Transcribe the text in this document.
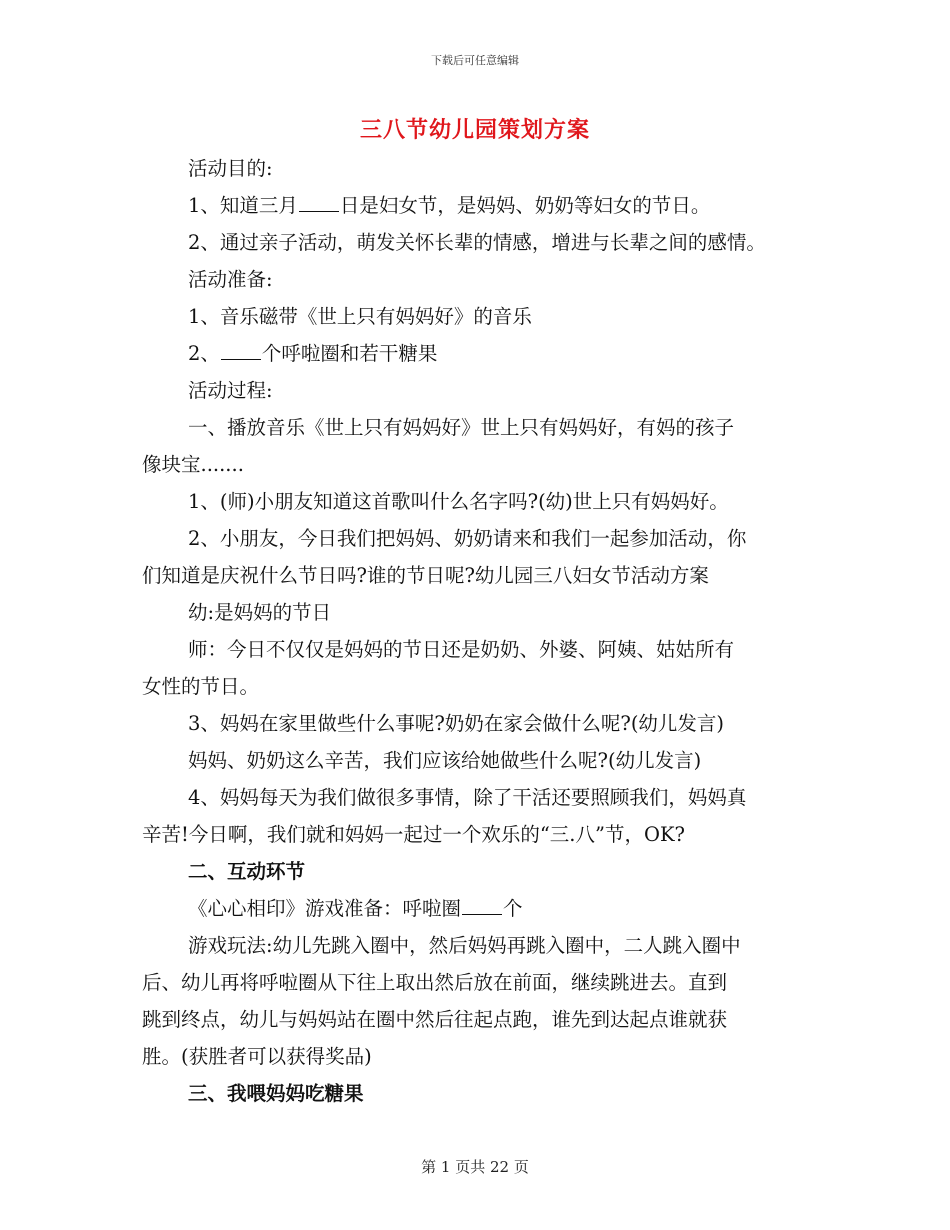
下载后可任意编辑
三八节幼儿园策划方案

活动目的:

1、知道三月 日是妇女节，是妈妈、奶奶等妇女的节日。

2、通过亲子活动，萌发关怀长辈的情感，增进与长辈之间的感情。

活动准备:

1、音乐磁带《世上只有妈妈好》的音乐

2、 个呼啦圈和若干糖果

活动过程:

一、播放音乐《世上只有妈妈好》世上只有妈妈好，有妈的孩子

像块宝.......

1、(师)小朋友知道这首歌叫什么名字吗?(幼)世上只有妈妈好。

2、小朋友，今日我们把妈妈、奶奶请来和我们一起参加活动，你

们知道是庆祝什么节日吗?谁的节日呢?幼儿园三八妇女节活动方案

幼:是妈妈的节日

师：今日不仅仅是妈妈的节日还是奶奶、外婆、阿姨、姑姑所有

女性的节日。

3、妈妈在家里做些什么事呢?奶奶在家会做什么呢?(幼儿发言)

妈妈、奶奶这么辛苦，我们应该给她做些什么呢?(幼儿发言)

4、妈妈每天为我们做很多事情，除了干活还要照顾我们，妈妈真

辛苦!今日啊，我们就和妈妈一起过一个欢乐的“三.八”节，OK?

二、互动环节

《心心相印》游戏准备：呼啦圈 个

游戏玩法:幼儿先跳入圈中，然后妈妈再跳入圈中，二人跳入圈中

后、幼儿再将呼啦圈从下往上取出然后放在前面，继续跳进去。直到

跳到终点，幼儿与妈妈站在圈中然后往起点跑，谁先到达起点谁就获

胜。(获胜者可以获得奖品)

三、我喂妈妈吃糖果

第 1 页共 22 页
